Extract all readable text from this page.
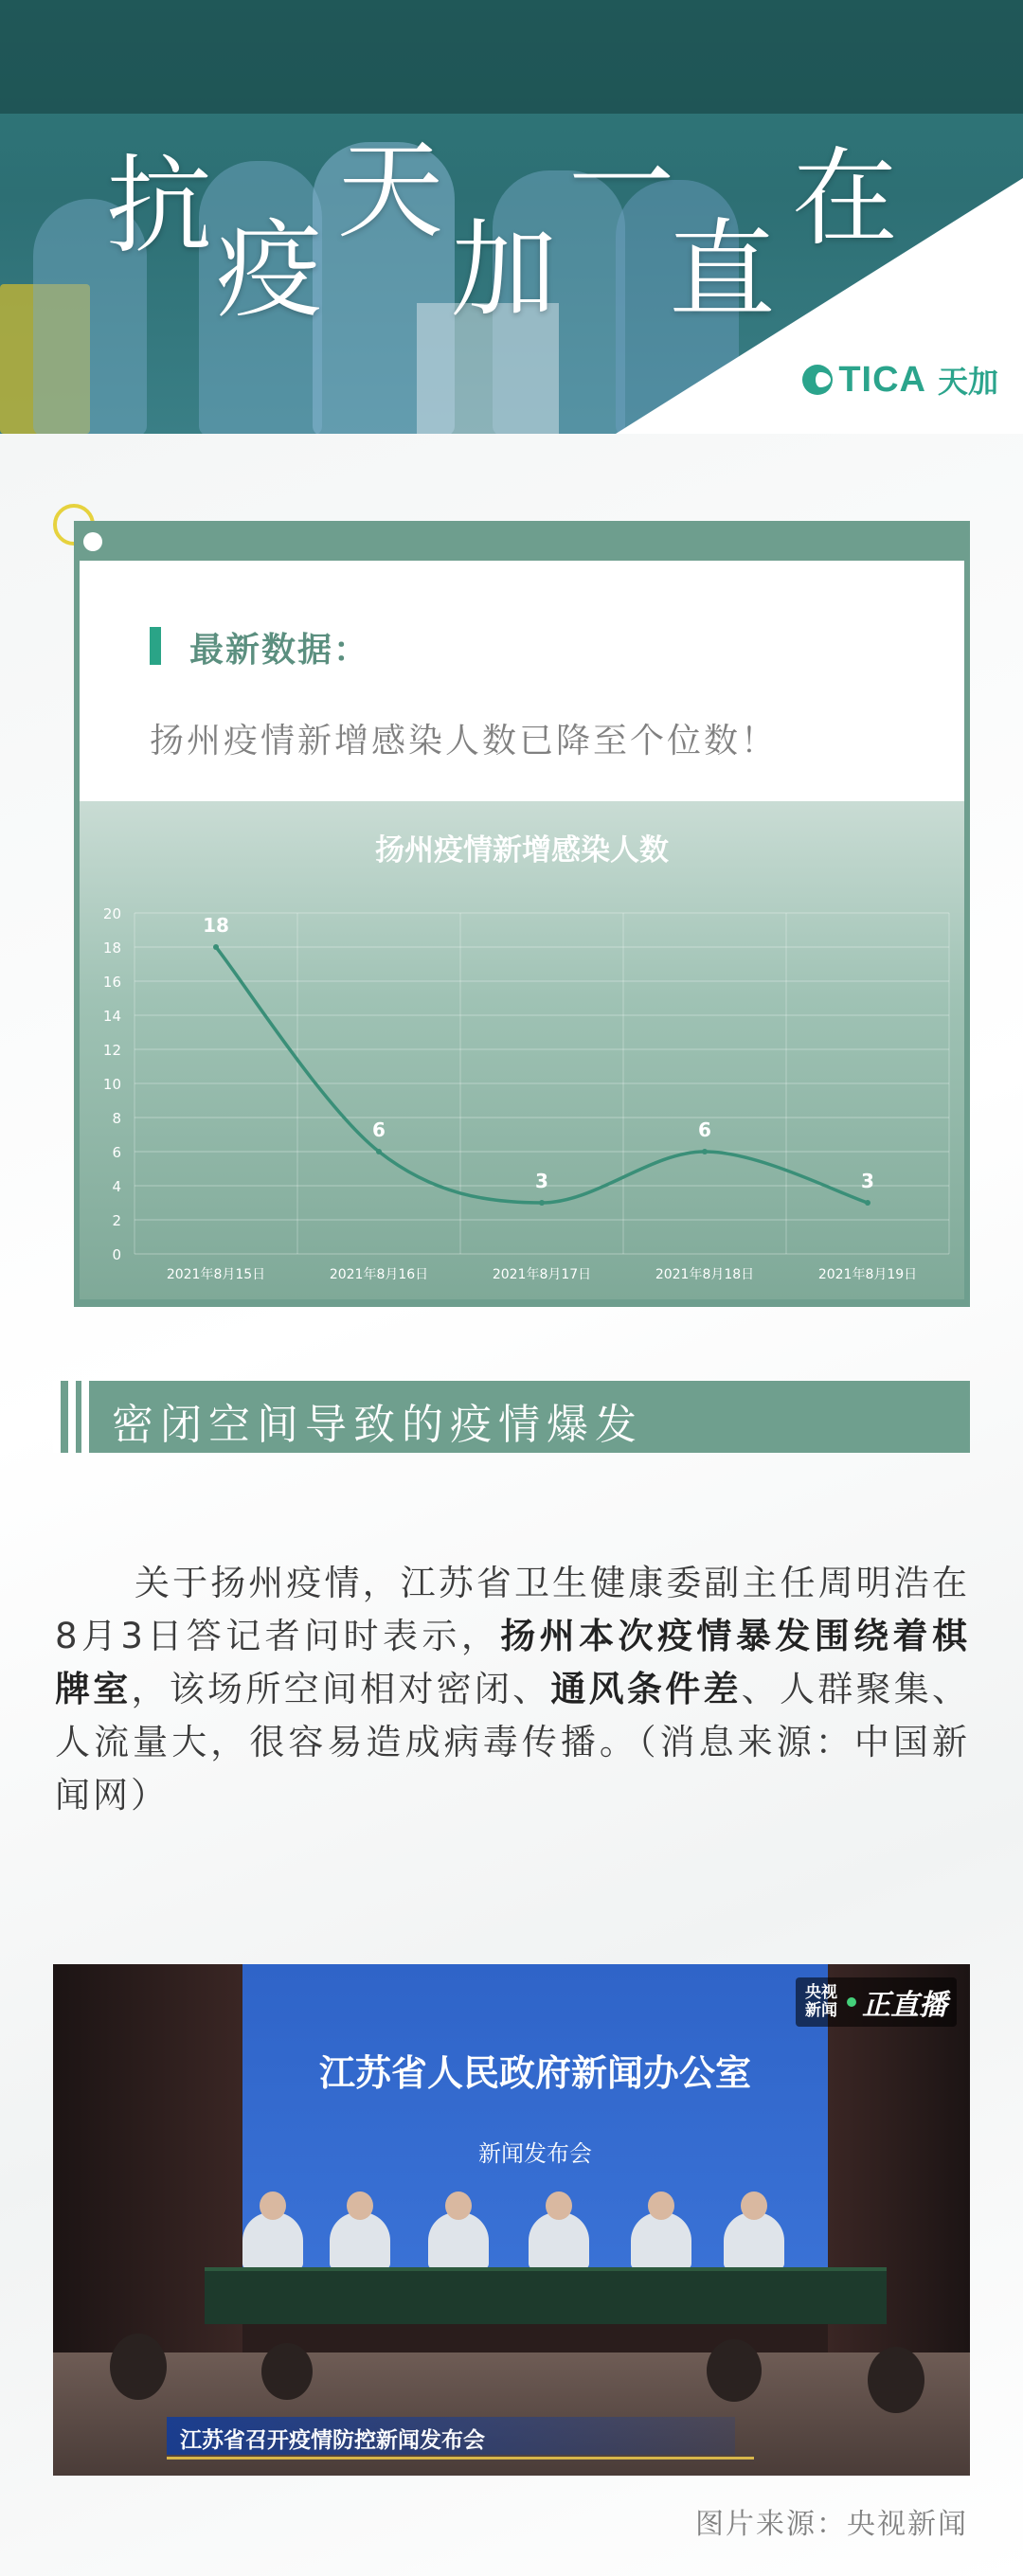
抗
疫
天
加
一
直
在
TICA 天加
最新数据：
扬州疫情新增感染人数已降至个位数！
扬州疫情新增感染人数
0
2
4
6
8
10
12
14
16
18
20
2021年8月15日	2021年8月16日	2021年8月17日	2021年8月18日	2021年8月19日
18
6
3
6
3
密闭空间导致的疫情爆发
关于扬州疫情，江苏省卫生健康委副主任周明浩在8月3日答记者问时表示，扬州本次疫情暴发围绕着棋牌室，该场所空间相对密闭、通风条件差、人群聚集、人流量大，很容易造成病毒传播。（消息来源：中国新闻网）
江苏省人民政府新闻办公室
新闻发布会
央视新闻 正直播
江苏省召开疫情防控新闻发布会
图片来源：央视新闻
